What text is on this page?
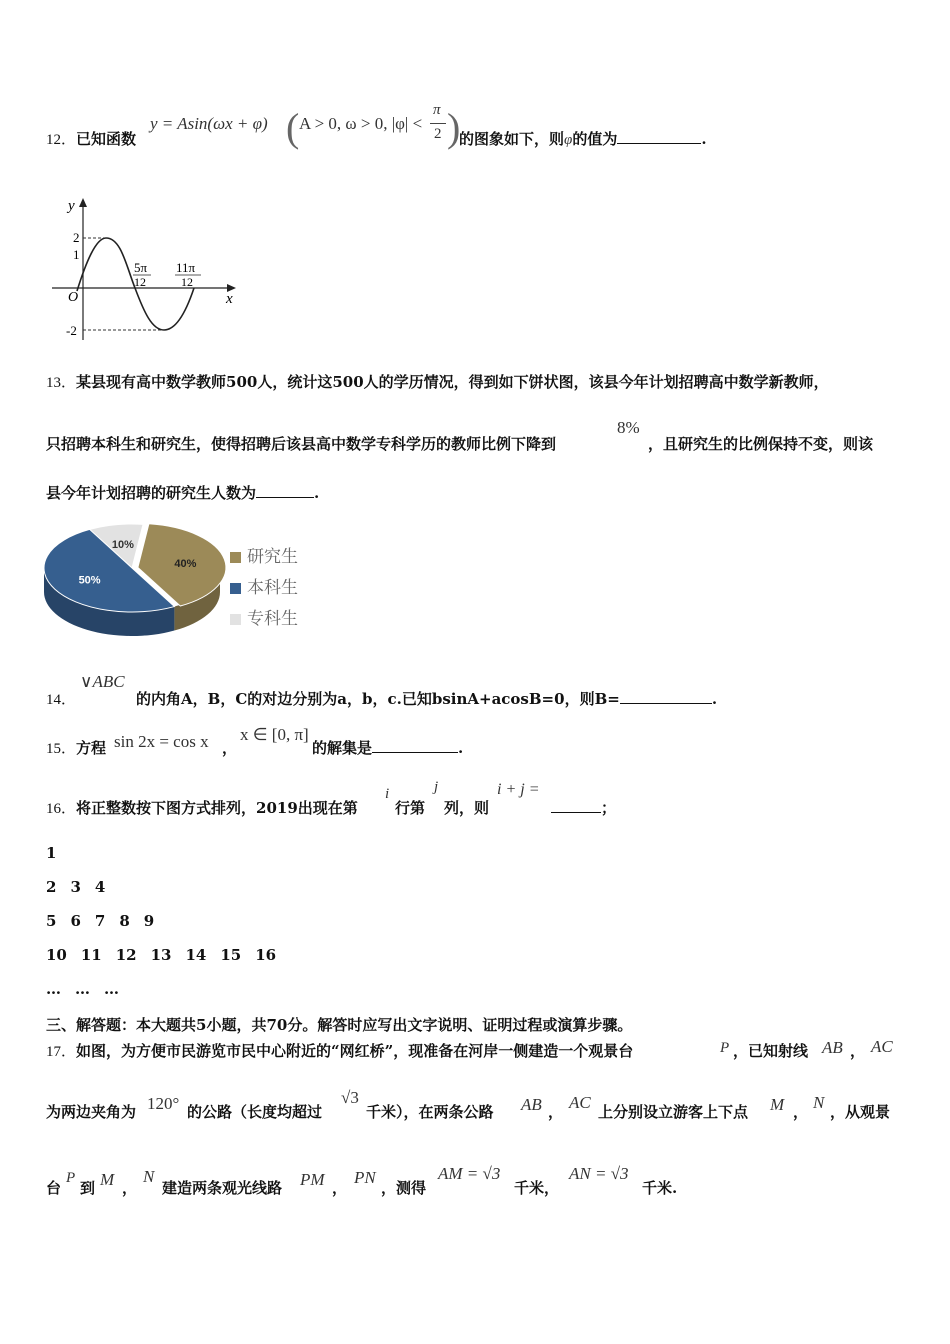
12．已知函数
y = Asin(ωx + φ) ( A > 0, ω > 0, |φ| <
π
2 )
的图象如下，则φ的值为	.
y
x
O
2
1
-2
5π
12
11π
12
13．某县现有高中数学教师500人，统计这500人的学历情况，得到如下饼状图，该县今年计划招聘高中数学新教师，
只招聘本科生和研究生，使得招聘后该县高中数学专科学历的教师比例下降到
8%
，且研究生的比例保持不变，则该
县今年计划招聘的研究生人数为	.
10%
40%
50%
研究生
本科生
专科生
∨ABC
14．	的内角A，B，C的对边分别为a，b，c.已知bsinA+acosB=0，则B=	.
15．方程 sin 2x = cos x ，
x ∈ [0, π]
的解集是	.
16．将正整数按下图方式排列，2019出现在第
i
行第
j
列，则
i + j =
；
1
2 3 4
5 6 7 8 9
10 11 12 13 14 15 16
… … …
三、解答题：本大题共5小题，共70分。解答时应写出文字说明、证明过程或演算步骤。
17．如图，为方便市民游览市民中心附近的“网红桥”，现准备在河岸一侧建造一个观景台	P ，已知射线 AB ， AC
为两边夹角为 120° 的公路（长度均超过
√3
千米），在两条公路 AB ， AC 上分别设立游客上下点 M ， N ，从观景
台
P
到 M ，
N
建造两条观光线路 PM ，
PN
，测得
AM = √3
千米，
AN = √3
千米.
